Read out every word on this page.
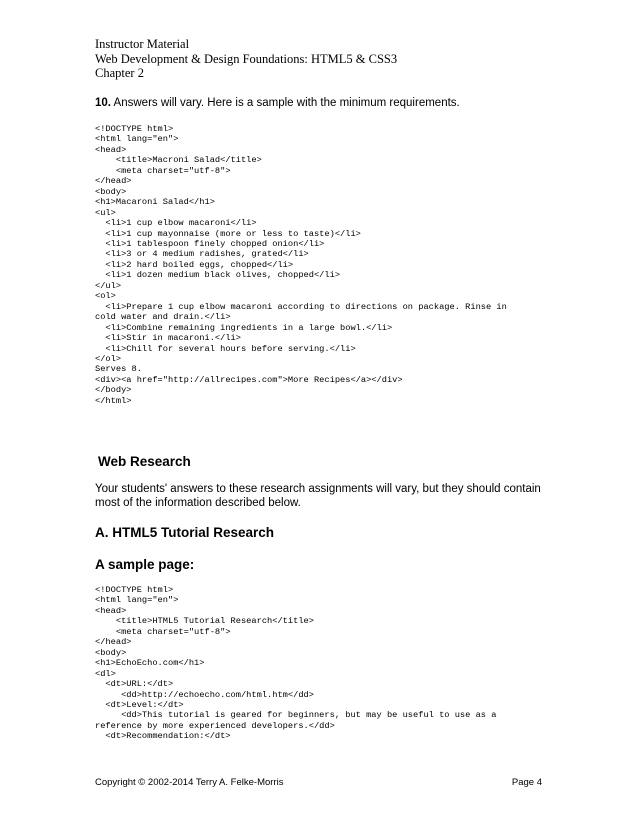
Instructor Material
Web Development & Design Foundations: HTML5 & CSS3
Chapter 2
10. Answers will vary. Here is a sample with the minimum requirements.
<!DOCTYPE html>
<html lang="en">
<head>
<title>Macroni Salad</title>
<meta charset="utf-8">
</head>
<body>
<h1>Macaroni Salad</h1>
<ul>
<li>1 cup elbow macaroni</li>
<li>1 cup mayonnaise (more or less to taste)</li>
<li>1 tablespoon finely chopped onion</li>
<li>3 or 4 medium radishes, grated</li>
<li>2 hard boiled eggs, chopped</li>
<li>1 dozen medium black olives, chopped</li>
</ul>
<ol>
<li>Prepare 1 cup elbow macaroni according to directions on package. Rinse in
cold water and drain.</li>
<li>Combine remaining ingredients in a large bowl.</li>
<li>Stir in macaroni.</li>
<li>Chill for several hours before serving.</li>
</ol>
Serves 8.
<div><a href="http://allrecipes.com">More Recipes</a></div>
</body>
</html>
Web Research
Your students' answers to these research assignments will vary, but they should contain most of the information described below.
A. HTML5 Tutorial Research
A sample page:
<!DOCTYPE html>
<html lang="en">
<head>
<title>HTML5 Tutorial Research</title>
<meta charset="utf-8">
</head>
<body>
<h1>EchoEcho.com</h1>
<dl>
<dt>URL:</dt>
<dd>http://echoecho.com/html.htm</dd>
<dt>Level:</dt>
<dd>This tutorial is geared for beginners, but may be useful to use as a
reference by more experienced developers.</dd>
<dt>Recommendation:</dt>
Copyright © 2002-2014 Terry A. Felke-Morris	Page 4
